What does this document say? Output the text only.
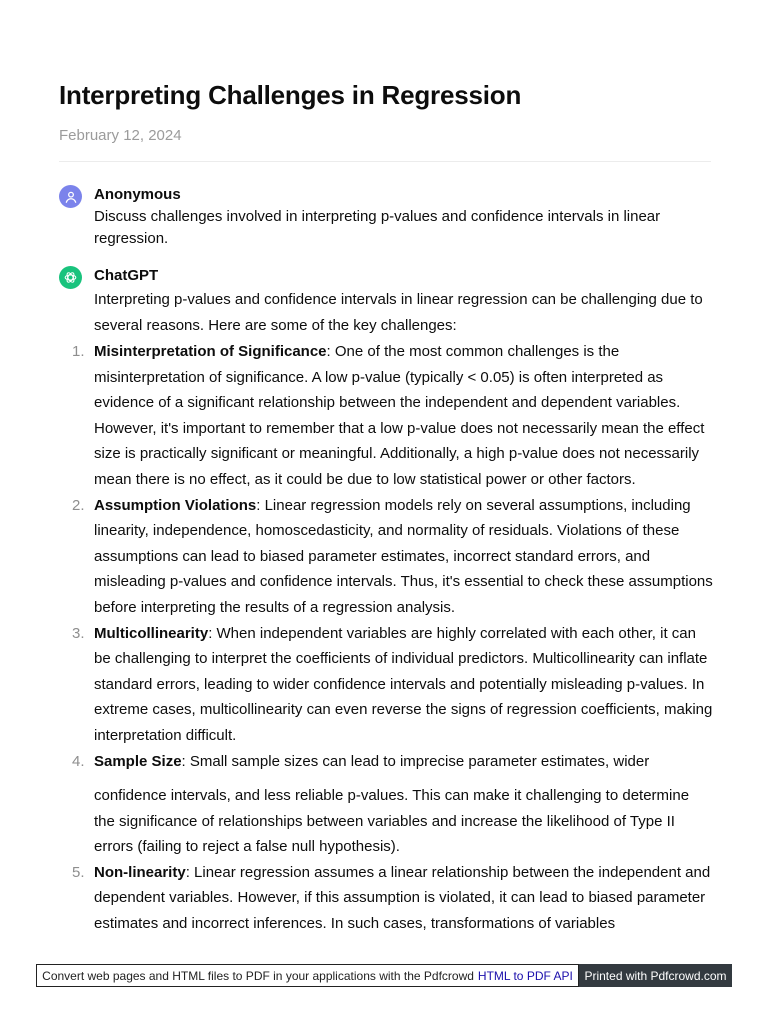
Interpreting Challenges in Regression
February 12, 2024
Anonymous
Discuss challenges involved in interpreting p-values and confidence intervals in linear regression.
ChatGPT
Interpreting p-values and confidence intervals in linear regression can be challenging due to several reasons. Here are some of the key challenges:
1. Misinterpretation of Significance: One of the most common challenges is the misinterpretation of significance. A low p-value (typically < 0.05) is often interpreted as evidence of a significant relationship between the independent and dependent variables. However, it's important to remember that a low p-value does not necessarily mean the effect size is practically significant or meaningful. Additionally, a high p-value does not necessarily mean there is no effect, as it could be due to low statistical power or other factors.
2. Assumption Violations: Linear regression models rely on several assumptions, including linearity, independence, homoscedasticity, and normality of residuals. Violations of these assumptions can lead to biased parameter estimates, incorrect standard errors, and misleading p-values and confidence intervals. Thus, it's essential to check these assumptions before interpreting the results of a regression analysis.
3. Multicollinearity: When independent variables are highly correlated with each other, it can be challenging to interpret the coefficients of individual predictors. Multicollinearity can inflate standard errors, leading to wider confidence intervals and potentially misleading p-values. In extreme cases, multicollinearity can even reverse the signs of regression coefficients, making interpretation difficult.
4. Sample Size: Small sample sizes can lead to imprecise parameter estimates, wider
confidence intervals, and less reliable p-values. This can make it challenging to determine the significance of relationships between variables and increase the likelihood of Type II errors (failing to reject a false null hypothesis).
5. Non-linearity: Linear regression assumes a linear relationship between the independent and dependent variables. However, if this assumption is violated, it can lead to biased parameter estimates and incorrect inferences. In such cases, transformations of variables
Convert web pages and HTML files to PDF in your applications with the Pdfcrowd HTML to PDF API Printed with Pdfcrowd.com
